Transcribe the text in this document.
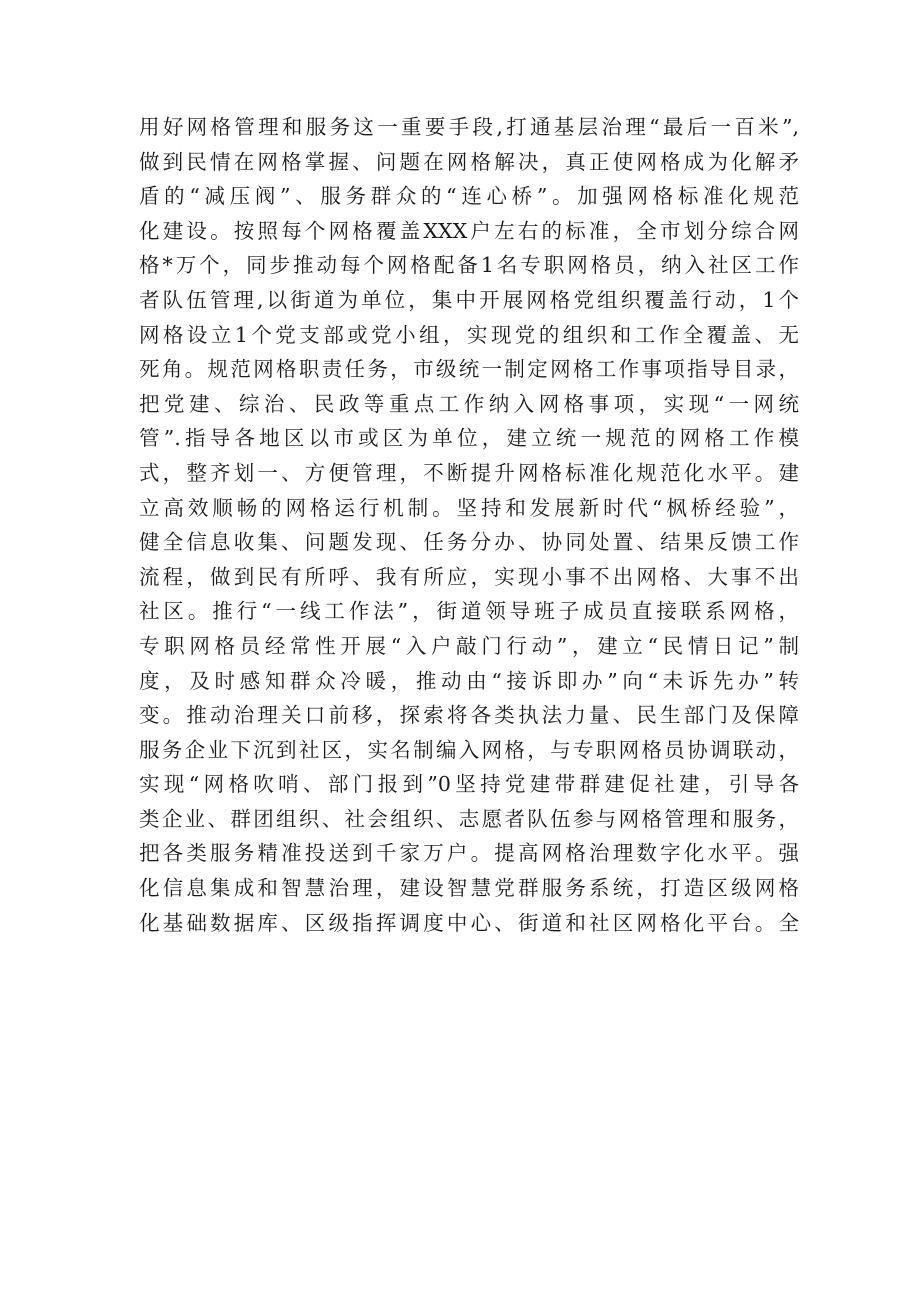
用好网格管理和服务这一重要手段,打通基层治理“最后一百米”,
做到民情在网格掌握、问题在网格解决，真正使网格成为化解矛
盾的“减压阀”、服务群众的“连心桥”。加强网格标准化规范
化建设。按照每个网格覆盖XXX户左右的标准，全市划分综合网
格*万个，同步推动每个网格配备1名专职网格员，纳入社区工作
者队伍管理,以街道为单位，集中开展网格党组织覆盖行动，1个
网格设立1个党支部或党小组，实现党的组织和工作全覆盖、无
死角。规范网格职责任务，市级统一制定网格工作事项指导目录，
把党建、综治、民政等重点工作纳入网格事项，实现“一网统
管”.指导各地区以市或区为单位，建立统一规范的网格工作模
式，整齐划一、方便管理，不断提升网格标准化规范化水平。建
立高效顺畅的网格运行机制。坚持和发展新时代“枫桥经验”，
健全信息收集、问题发现、任务分办、协同处置、结果反馈工作
流程，做到民有所呼、我有所应，实现小事不出网格、大事不出
社区。推行“一线工作法”，街道领导班子成员直接联系网格，
专职网格员经常性开展“入户敲门行动”，建立“民情日记”制
度，及时感知群众冷暖，推动由“接诉即办”向“未诉先办”转
变。推动治理关口前移，探索将各类执法力量、民生部门及保障
服务企业下沉到社区，实名制编入网格，与专职网格员协调联动，
实现“网格吹哨、部门报到”0坚持党建带群建促社建，引导各
类企业、群团组织、社会组织、志愿者队伍参与网格管理和服务，
把各类服务精准投送到千家万户。提高网格治理数字化水平。强
化信息集成和智慧治理，建设智慧党群服务系统，打造区级网格
化基础数据库、区级指挥调度中心、街道和社区网格化平台。全
